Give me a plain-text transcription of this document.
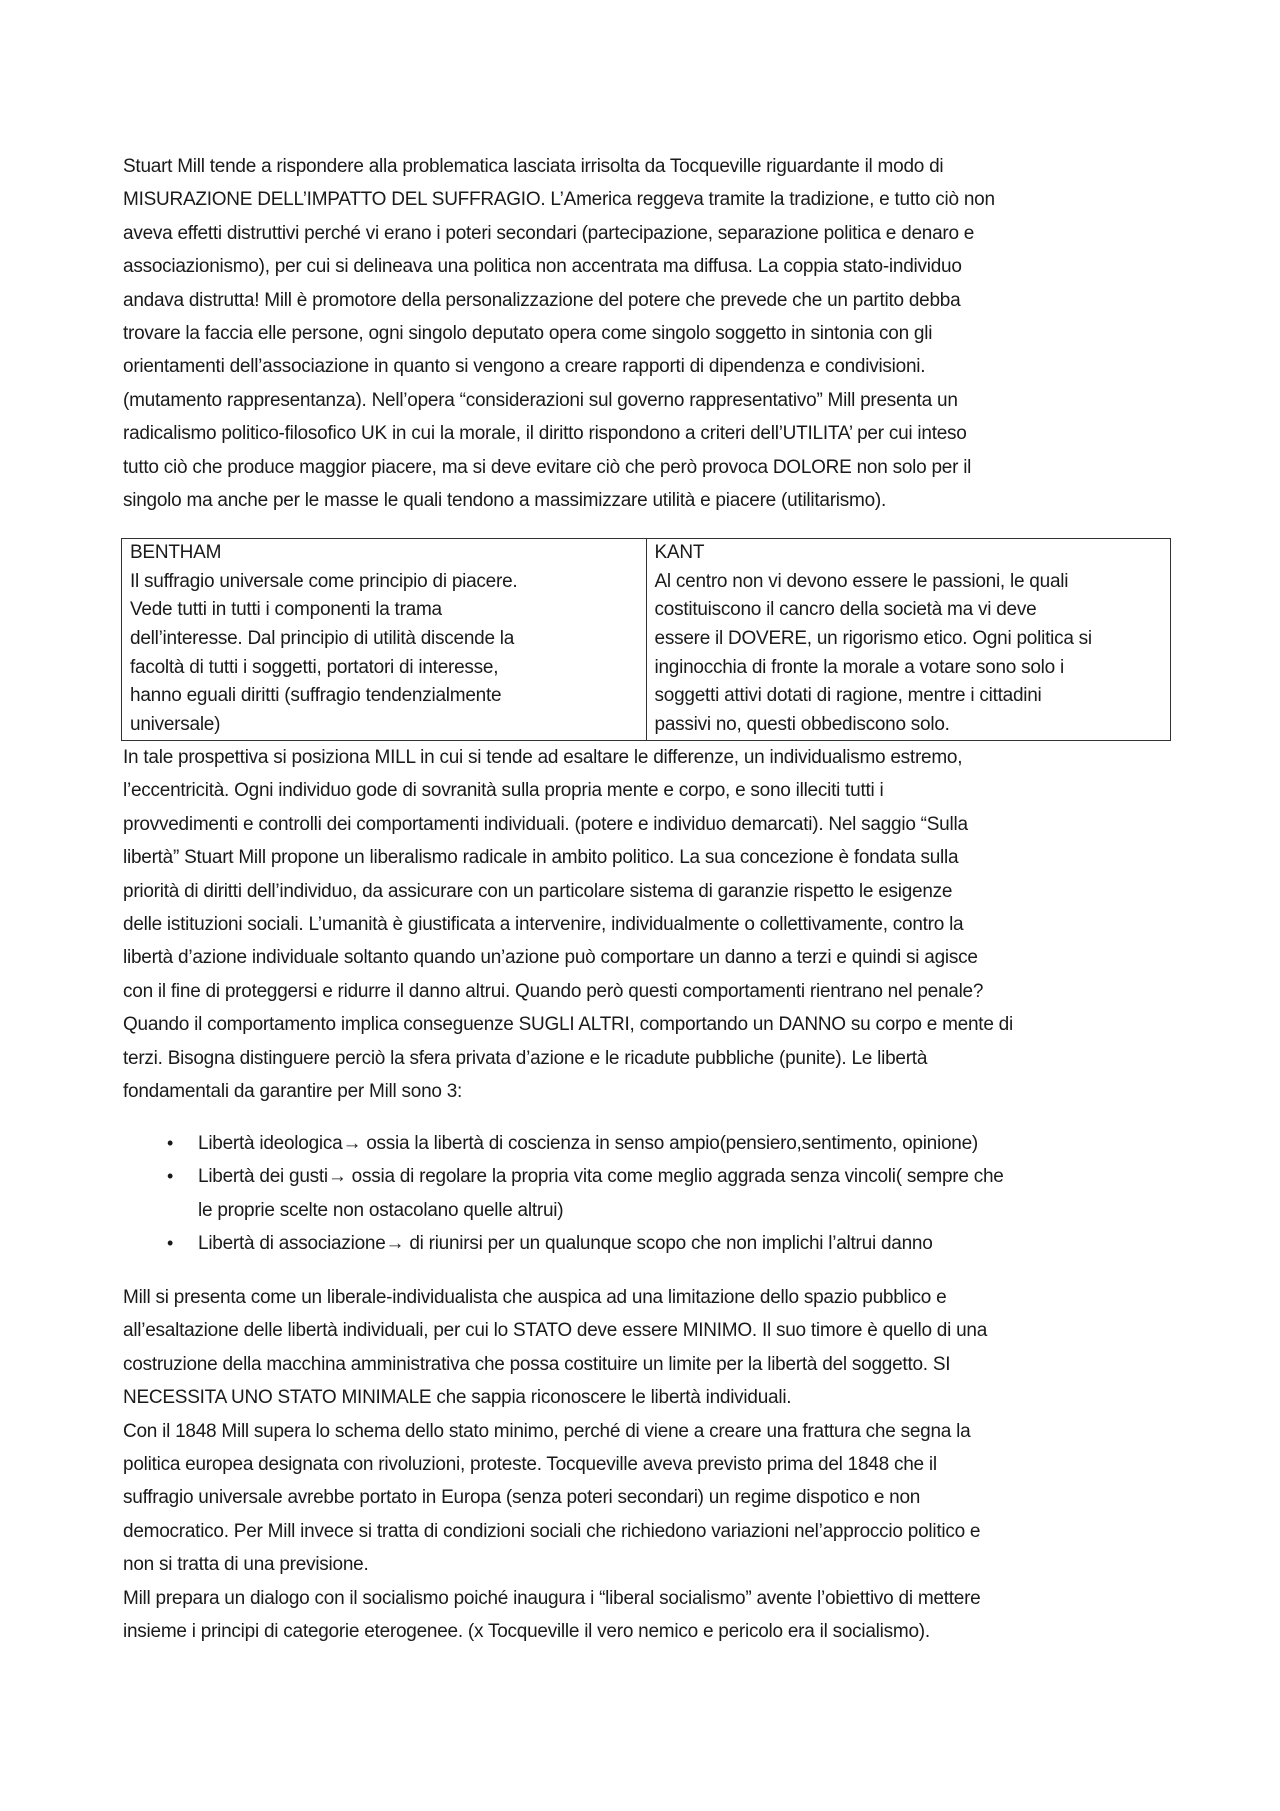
Stuart Mill tende a rispondere alla problematica lasciata irrisolta da Tocqueville riguardante il modo di
MISURAZIONE DELL’IMPATTO DEL SUFFRAGIO. L’America reggeva tramite la tradizione, e tutto ciò non
aveva effetti distruttivi perché vi erano i poteri secondari (partecipazione, separazione politica e denaro e
associazionismo), per cui si delineava una politica non accentrata ma diffusa. La coppia stato-individuo
andava distrutta! Mill è promotore della personalizzazione del potere che prevede che un partito debba
trovare la faccia elle persone, ogni singolo deputato opera come singolo soggetto in sintonia con gli
orientamenti dell’associazione in quanto si vengono a creare rapporti di dipendenza e condivisioni.
(mutamento rappresentanza). Nell’opera “considerazioni sul governo rappresentativo” Mill presenta un
radicalismo politico-filosofico UK in cui la morale, il diritto rispondono a criteri dell’UTILITA’ per cui inteso
tutto ciò che produce maggior piacere, ma si deve evitare ciò che però provoca DOLORE non solo per il
singolo ma anche per le masse le quali tendono a massimizzare utilità e piacere (utilitarismo).
BENTHAM
Il suffragio universale come principio di piacere.
Vede tutti in tutti i componenti la trama
dell’interesse. Dal principio di utilità discende la
facoltà di tutti i soggetti, portatori di interesse,
hanno eguali diritti (suffragio tendenzialmente
universale)
KANT
Al centro non vi devono essere le passioni, le quali
costituiscono il cancro della società ma vi deve
essere il DOVERE, un rigorismo etico. Ogni politica si
inginocchia di fronte la morale a votare sono solo i
soggetti attivi dotati di ragione, mentre i cittadini
passivi no, questi obbediscono solo.
In tale prospettiva si posiziona MILL in cui si tende ad esaltare le differenze, un individualismo estremo,
l’eccentricità. Ogni individuo gode di sovranità sulla propria mente e corpo, e sono illeciti tutti i
provvedimenti e controlli dei comportamenti individuali. (potere e individuo demarcati). Nel saggio “Sulla
libertà” Stuart Mill propone un liberalismo radicale in ambito politico. La sua concezione è fondata sulla
priorità di diritti dell’individuo, da assicurare con un particolare sistema di garanzie rispetto le esigenze
delle istituzioni sociali. L’umanità è giustificata a intervenire, individualmente o collettivamente, contro la
libertà d’azione individuale soltanto quando un’azione può comportare un danno a terzi e quindi si agisce
con il fine di proteggersi e ridurre il danno altrui. Quando però questi comportamenti rientrano nel penale?
Quando il comportamento implica conseguenze SUGLI ALTRI, comportando un DANNO su corpo e mente di
terzi. Bisogna distinguere perciò la sfera privata d’azione e le ricadute pubbliche (punite). Le libertà
fondamentali da garantire per Mill sono 3:
• Libertà ideologica→ ossia la libertà di coscienza in senso ampio(pensiero,sentimento, opinione)
• Libertà dei gusti→ ossia di regolare la propria vita come meglio aggrada senza vincoli( sempre che
le proprie scelte non ostacolano quelle altrui)
• Libertà di associazione→ di riunirsi per un qualunque scopo che non implichi l’altrui danno
Mill si presenta come un liberale-individualista che auspica ad una limitazione dello spazio pubblico e
all’esaltazione delle libertà individuali, per cui lo STATO deve essere MINIMO. Il suo timore è quello di una
costruzione della macchina amministrativa che possa costituire un limite per la libertà del soggetto. SI
NECESSITA UNO STATO MINIMALE che sappia riconoscere le libertà individuali.
Con il 1848 Mill supera lo schema dello stato minimo, perché di viene a creare una frattura che segna la
politica europea designata con rivoluzioni, proteste. Tocqueville aveva previsto prima del 1848 che il
suffragio universale avrebbe portato in Europa (senza poteri secondari) un regime dispotico e non
democratico. Per Mill invece si tratta di condizioni sociali che richiedono variazioni nel’approccio politico e
non si tratta di una previsione.
Mill prepara un dialogo con il socialismo poiché inaugura i “liberal socialismo” avente l’obiettivo di mettere
insieme i principi di categorie eterogenee. (x Tocqueville il vero nemico e pericolo era il socialismo).
